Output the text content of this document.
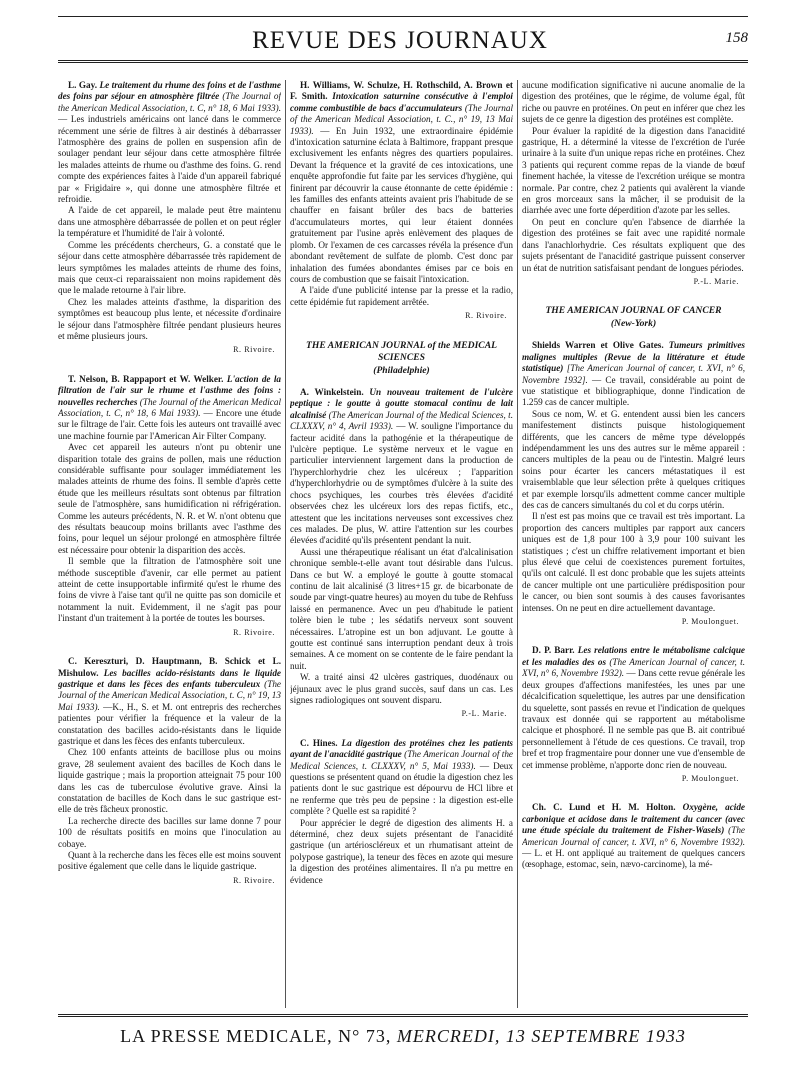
REVUE DES JOURNAUX	158

L. Gay. Le traitement du rhume des foins et de l'asthme des foins par séjour en atmosphère filtrée (The Journal of the American Medical Association, t. C, n° 18, 6 Mai 1933). — Les industriels américains ont lancé dans le commerce récemment une série de filtres à air destinés à débarrasser l'atmosphère des grains de pollen en suspension afin de soulager pendant leur séjour dans cette atmosphère filtrée les malades atteints de rhume ou d'asthme des foins. G. rend compte des expériences faites à l'aide d'un appareil fabriqué par « Frigidaire », qui donne une atmosphère filtrée et refroidie.

A l'aide de cet appareil, le malade peut être maintenu dans une atmosphère débarrassée de pollen et on peut régler la température et l'humidité de l'air à volonté.

Comme les précédents chercheurs, G. a constaté que le séjour dans cette atmosphère débarrassée très rapidement de leurs symptômes les malades atteints de rhume des foins, mais que ceux-ci reparaissaient non moins rapidement dès que le malade retourne à l'air libre.

Chez les malades atteints d'asthme, la disparition des symptômes est beaucoup plus lente, et nécessite d'ordinaire le séjour dans l'atmosphère filtrée pendant plusieurs heures et même plusieurs jours.

R. Rivoire.

T. Nelson, B. Rappaport et W. Welker. L'action de la filtration de l'air sur le rhume et l'asthme des foins : nouvelles recherches (The Journal of the American Medical Association, t. C, n° 18, 6 Mai 1933). — Encore une étude sur le filtrage de l'air. Cette fois les auteurs ont travaillé avec une machine fournie par l'American Air Filter Company.

Avec cet appareil les auteurs n'ont pu obtenir une disparition totale des grains de pollen, mais une réduction considérable suffisante pour soulager immédiatement les malades atteints de rhume des foins. Il semble d'après cette étude que les meilleurs résultats sont obtenus par filtration seule de l'atmosphère, sans humidification ni réfrigération. Comme les auteurs précédents, N. R. et W. n'ont obtenu que des résultats beaucoup moins brillants avec l'asthme des foins, pour lequel un séjour prolongé en atmosphère filtrée est nécessaire pour obtenir la disparition des accès.

Il semble que la filtration de l'atmosphère soit une méthode susceptible d'avenir, car elle permet au patient atteint de cette insupportable infirmité qu'est le rhume des foins de vivre à l'aise tant qu'il ne quitte pas son domicile et notamment la nuit. Evidemment, il ne s'agit pas pour l'instant d'un traitement à la portée de toutes les bourses.

R. Rivoire.

C. Kereszturi, D. Hauptmann, B. Schick et L. Mishulow. Les bacilles acido-résistants dans le liquide gastrique et dans les fèces des enfants tuberculeux (The Journal of the American Medical Association, t. C, n° 19, 13 Mai 1933). —K., H., S. et M. ont entrepris des recherches patientes pour vérifier la fréquence et la valeur de la constatation des bacilles acido-résistants dans le liquide gastrique et dans les fèces des enfants tuberculeux.

Chez 100 enfants atteints de bacillose plus ou moins grave, 28 seulement avaient des bacilles de Koch dans le liquide gastrique ; mais la proportion atteignait 75 pour 100 dans les cas de tuberculose évolutive grave. Ainsi la constatation de bacilles de Koch dans le suc gastrique est-elle de très fâcheux pronostic.

La recherche directe des bacilles sur lame donne 7 pour 100 de résultats positifs en moins que l'inoculation au cobaye.

Quant à la recherche dans les fèces elle est moins souvent positive également que celle dans le liquide gastrique.

R. Rivoire.

H. Williams, W. Schulze, H. Rothschild, A. Brown et F. Smith. Intoxication saturnine consécutive à l'emploi comme combustible de bacs d'accumulateurs (The Journal of the American Medical Association, t. C., n° 19, 13 Mai 1933). — En Juin 1932, une extraordinaire épidémie d'intoxication saturnine éclata à Baltimore, frappant presque exclusivement les enfants nègres des quartiers populaires. Devant la fréquence et la gravité de ces intoxications, une enquête approfondie fut faite par les services d'hygiène, qui finirent par découvrir la cause étonnante de cette épidémie : les familles des enfants atteints avaient pris l'habitude de se chauffer en faisant brûler des bacs de batteries d'accumulateurs mortes, qui leur étaient données gratuitement par l'usine après enlèvement des plaques de plomb. Or l'examen de ces carcasses révéla la présence d'un abondant revêtement de sulfate de plomb. C'est donc par inhalation des fumées abondantes émises par ce bois en cours de combustion que se faisait l'intoxication.

A l'aide d'une publicité intense par la presse et la radio, cette épidémie fut rapidement arrêtée.

R. Rivoire.
THE AMERICAN JOURNAL of the MEDICAL SCIENCES
(Philadelphie)

A. Winkelstein. Un nouveau traitement de l'ulcère peptique : le goutte à goutte stomacal continu de lait alcalinisé (The American Journal of the Medical Sciences, t. CLXXXV, n° 4, Avril 1933). — W. souligne l'importance du facteur acidité dans la pathogénie et la thérapeutique de l'ulcère peptique. Le système nerveux et le vague en particulier interviennent largement dans la production de l'hyperchlorhydrie chez les ulcéreux ; l'apparition d'hyperchlorhydrie ou de symptômes d'ulcère à la suite des chocs psychiques, les courbes très élevées d'acidité observées chez les ulcéreux lors des repas fictifs, etc., attestent que les incitations nerveuses sont excessives chez ces malades. De plus, W. attire l'attention sur les courbes élevées d'acidité qu'ils présentent pendant la nuit.

Aussi une thérapeutique réalisant un état d'alcalinisation chronique semble-t-elle avant tout désirable dans l'ulcus. Dans ce but W. a employé le goutte à goutte stomacal continu de lait alcalinisé (3 litres+15 gr. de bicarbonate de soude par vingt-quatre heures) au moyen du tube de Rehfuss laissé en permanence. Avec un peu d'habitude le patient tolère bien le tube ; les sédatifs nerveux sont souvent nécessaires. L'atropine est un bon adjuvant. Le goutte à goutte est continué sans interruption pendant deux à trois semaines. A ce moment on se contente de le faire pendant la nuit.

W. a traité ainsi 42 ulcères gastriques, duodénaux ou jéjunaux avec le plus grand succès, sauf dans un cas. Les signes radiologiques ont souvent disparu.

P.-L. Marie.

C. Hines. La digestion des protéines chez les patients ayant de l'anacidité gastrique (The American Journal of the Medical Sciences, t. CLXXXV, n° 5, Mai 1933). — Deux questions se présentent quand on étudie la digestion chez les patients dont le suc gastrique est dépourvu de HCl libre et ne renferme que très peu de pepsine : la digestion est-elle complète ? Quelle est sa rapidité ?

Pour apprécier le degré de digestion des aliments H. a déterminé, chez deux sujets présentant de l'anacidité gastrique (un artérioscléreux et un rhumatisant atteint de polypose gastrique), la teneur des fèces en azote qui mesure la digestion des protéines alimentaires. Il n'a pu mettre en évidence

aucune modification significative ni aucune anomalie de la digestion des protéines, que le régime, de volume égal, fût riche ou pauvre en protéines. On peut en inférer que chez les sujets de ce genre la digestion des protéines est complète.

Pour évaluer la rapidité de la digestion dans l'anacidité gastrique, H. a déterminé la vitesse de l'excrétion de l'urée urinaire à la suite d'un unique repas riche en protéines. Chez 3 patients qui reçurent comme repas de la viande de bœuf finement hachée, la vitesse de l'excrétion uréique se montra normale. Par contre, chez 2 patients qui avalèrent la viande en gros morceaux sans la mâcher, il se produisit de la diarrhée avec une forte déperdition d'azote par les selles.

On peut en conclure qu'en l'absence de diarrhée la digestion des protéines se fait avec une rapidité normale dans l'anachlorhydrie. Ces résultats expliquent que des sujets présentant de l'anacidité gastrique puissent conserver un état de nutrition satisfaisant pendant de longues périodes.

P.-L. Marie.
THE AMERICAN JOURNAL OF CANCER
(New-York)

Shields Warren et Olive Gates. Tumeurs primitives malignes multiples (Revue de la littérature et étude statistique) [The American Journal of cancer, t. XVI, n° 6, Novembre 1932]. — Ce travail, considérable au point de vue statistique et bibliographique, donne l'indication de 1.259 cas de cancer multiple.

Sous ce nom, W. et G. entendent aussi bien les cancers manifestement distincts puisque histologiquement différents, que les cancers de même type développés indépendamment les uns des autres sur le même appareil : cancers multiples de la peau ou de l'intestin. Malgré leurs soins pour écarter les cancers métastatiques il est vraisemblable que leur sélection prête à quelques critiques et par exemple lorsqu'ils admettent comme cancer multiple des cas de cancers simultanés du col et du corps utérin.

Il n'est est pas moins que ce travail est très important. La proportion des cancers multiples par rapport aux cancers uniques est de 1,8 pour 100 à 3,9 pour 100 suivant les statistiques ; c'est un chiffre relativement important et bien plus élevé que celui de coexistences purement fortuites, qu'ils ont calculé. Il est donc probable que les sujets atteints de cancer multiple ont une particulière prédisposition pour le cancer, ou bien sont soumis à des causes favorisantes intenses. On ne peut en dire actuellement davantage.

P. Moulonguet.

D. P. Barr. Les relations entre le métabolisme calcique et les maladies des os (The American Journal of cancer, t. XVI, n° 6, Novembre 1932). — Dans cette revue générale les deux groupes d'affections manifestées, les unes par une décalcification squelettique, les autres par une densification du squelette, sont passés en revue et l'indication de quelques travaux est donnée qui se rapportent au métabolisme calcique et phosphoré. Il ne semble pas que B. ait contribué personnellement à l'étude de ces questions. Ce travail, trop bref et trop fragmentaire pour donner une vue d'ensemble de cet immense problème, n'apporte donc rien de nouveau.

P. Moulonguet.

Ch. C. Lund et H. M. Holton. Oxygène, acide carbonique et acidose dans le traitement du cancer (avec une étude spéciale du traitement de Fisher-Wasels) (The American Journal of cancer, t. XVI, n° 6, Novembre 1932). — L. et H. ont appliqué au traitement de quelques cancers (œsophage, estomac, sein, nævo-carcinome), la mé-

LA PRESSE MEDICALE, N° 73, MERCREDI, 13 SEPTEMBRE 1933
